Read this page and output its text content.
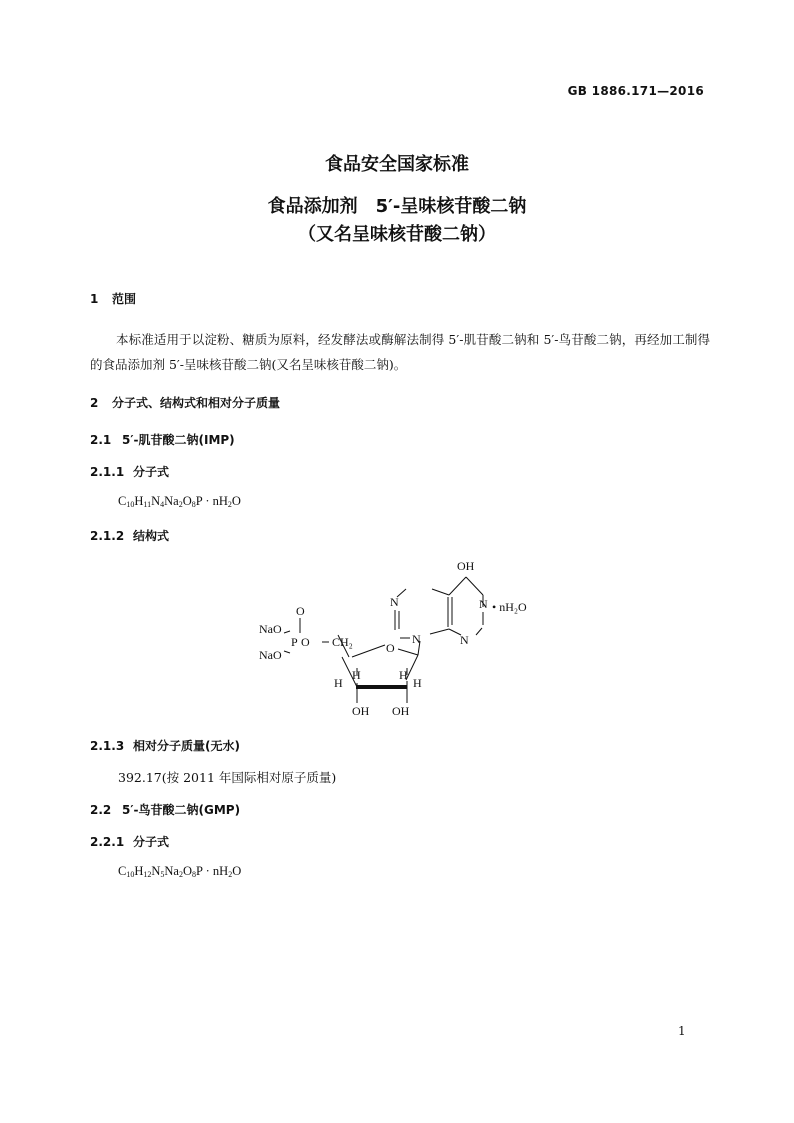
GB 1886.171—2016
食品安全国家标准
食品添加剂　5′-呈味核苷酸二钠
（又名呈味核苷酸二钠）
1 范围
本标准适用于以淀粉、糖质为原料，经发酵法或酶解法制得 5′-肌苷酸二钠和 5′-鸟苷酸二钠，再经加工制得的食品添加剂 5′-呈味核苷酸二钠(又名呈味核苷酸二钠)。
2 分子式、结构式和相对分子质量
2.1 5′-肌苷酸二钠(IMP)
2.1.1 分子式
$C_{10}H_{11}N_4Na_2O_8P \cdot nH_2O$
2.1.2 结构式
OH
N
N
N
N
• nH₂O
O
NaO
NaO
P O CH₂	O
H
H	H
H
OH OH
2.1.3 相对分子质量(无水)
392.17(按 2011 年国际相对原子质量)
2.2 5′-鸟苷酸二钠(GMP)
2.2.1 分子式
$C_{10}H_{12}N_5Na_2O_8P \cdot nH_2O$
1
